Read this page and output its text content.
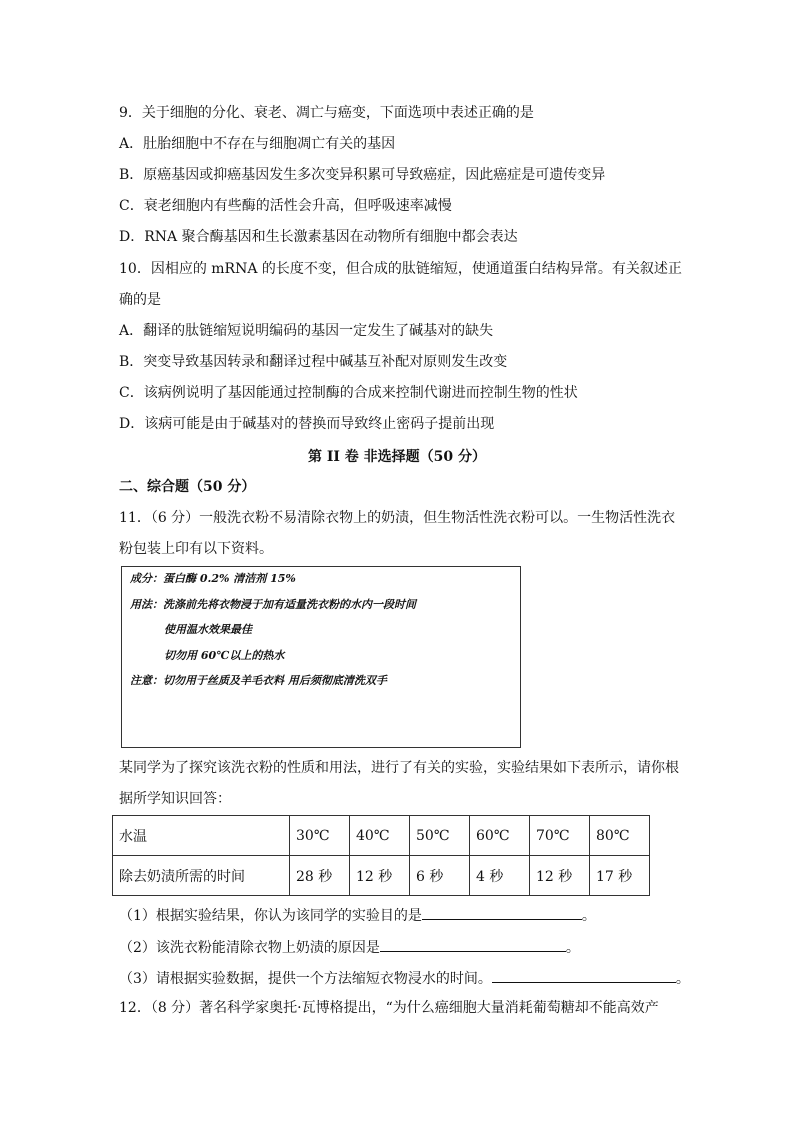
9．关于细胞的分化、衰老、凋亡与癌变，下面选项中表述正确的是
A．肚胎细胞中不存在与细胞凋亡有关的基因
B．原癌基因或抑癌基因发生多次变异积累可导致癌症，因此癌症是可遗传变异
C．衰老细胞内有些酶的活性会升高，但呼吸速率减慢
D．RNA 聚合酶基因和生长激素基因在动物所有细胞中都会表达
10．因相应的 mRNA 的长度不变，但合成的肽链缩短，使通道蛋白结构异常。有关叙述正
确的是
A．翻译的肽链缩短说明编码的基因一定发生了碱基对的缺失
B．突变导致基因转录和翻译过程中碱基互补配对原则发生改变
C．该病例说明了基因能通过控制酶的合成来控制代谢进而控制生物的性状
D．该病可能是由于碱基对的替换而导致终止密码子提前出现
第 II 卷 非选择题（50 分）
二、综合题（50 分）
11．（6 分）一般洗衣粉不易清除衣物上的奶渍，但生物活性洗衣粉可以。一生物活性洗衣
粉包装上印有以下资料。
成分：蛋白酶 0.2% 清洁剂 15%
用法：洗涤前先将衣物浸于加有适量洗衣粉的水内一段时间
使用温水效果最佳
切勿用 60℃以上的热水
注意：切勿用于丝质及羊毛衣料 用后须彻底清洗双手
某同学为了探究该洗衣粉的性质和用法，进行了有关的实验，实验结果如下表所示，请你根
据所学知识回答：
水温	30℃	40℃	50℃	60℃	70℃	80℃
除去奶渍所需的时间	28 秒	12 秒	6 秒	4 秒	12 秒	17 秒
（1）根据实验结果，你认为该同学的实验目的是	。
（2）该洗衣粉能清除衣物上奶渍的原因是	。
（3）请根据实验数据，提供一个方法缩短衣物浸水的时间。	。
12．（8 分）著名科学家奥托·瓦博格提出，“为什么癌细胞大量消耗葡萄糖却不能高效产
